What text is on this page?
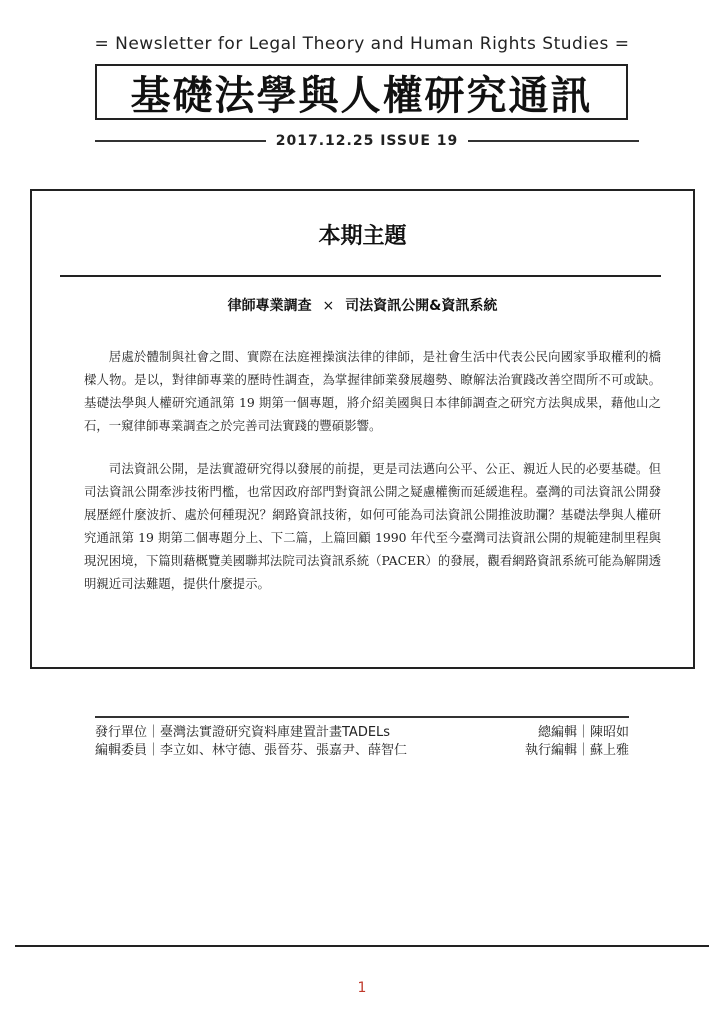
= Newsletter for Legal Theory and Human Rights Studies =
基礎法學與人權研究通訊
2017.12.25 ISSUE 19
本期主題
律師專業調查 × 司法資訊公開&資訊系統

居處於體制與社會之間、實際在法庭裡操演法律的律師，是社會生活中代表公民向國家爭取權利的橋樑人物。是以，對律師專業的歷時性調查，為掌握律師業發展趨勢、瞭解法治實踐改善空間所不可或缺。基礎法學與人權研究通訊第 19 期第一個專題，將介紹美國與日本律師調查之研究方法與成果，藉他山之石，一窺律師專業調查之於完善司法實踐的豐碩影響。

司法資訊公開，是法實證研究得以發展的前提，更是司法邁向公平、公正、親近人民的必要基礎。但司法資訊公開牽涉技術門檻，也常因政府部門對資訊公開之疑慮權衡而延緩進程。臺灣的司法資訊公開發展歷經什麼波折、處於何種現況？網路資訊技術，如何可能為司法資訊公開推波助瀾？基礎法學與人權研究通訊第 19 期第二個專題分上、下二篇，上篇回顧 1990 年代至今臺灣司法資訊公開的規範建制里程與現況困境，下篇則藉概覽美國聯邦法院司法資訊系統（PACER）的發展，觀看網路資訊系統可能為解開透明親近司法難題，提供什麼提示。

發行單位｜臺灣法實證研究資料庫建置計畫TADELs	總編輯｜陳昭如
編輯委員｜李立如、林守德、張晉芬、張嘉尹、薛智仁	執行編輯｜蘇上雅
1
